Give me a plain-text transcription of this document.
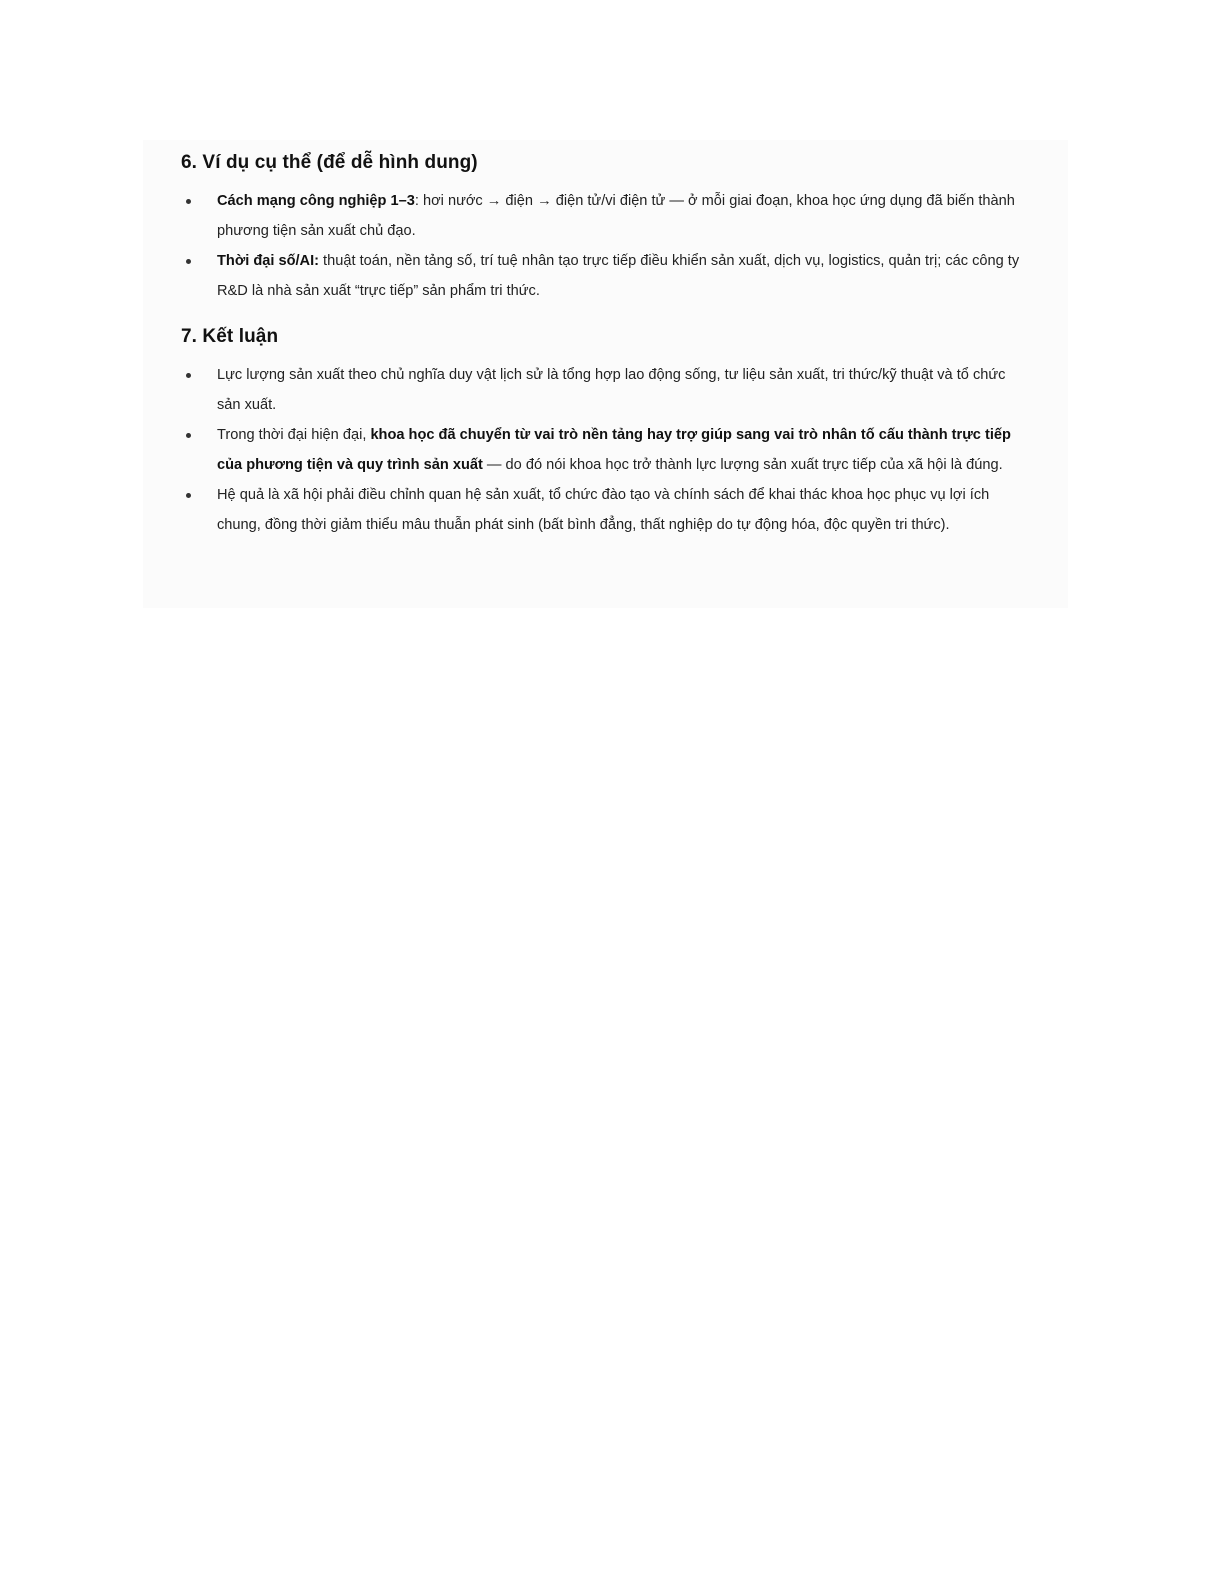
6. Ví dụ cụ thể (để dễ hình dung)
Cách mạng công nghiệp 1–3: hơi nước → điện → điện tử/vi điện tử — ở mỗi giai đoạn, khoa học ứng dụng đã biến thành phương tiện sản xuất chủ đạo.
Thời đại số/AI: thuật toán, nền tảng số, trí tuệ nhân tạo trực tiếp điều khiển sản xuất, dịch vụ, logistics, quản trị; các công ty R&D là nhà sản xuất “trực tiếp” sản phẩm tri thức.
7. Kết luận
Lực lượng sản xuất theo chủ nghĩa duy vật lịch sử là tổng hợp lao động sống, tư liệu sản xuất, tri thức/kỹ thuật và tổ chức sản xuất.
Trong thời đại hiện đại, khoa học đã chuyển từ vai trò nền tảng hay trợ giúp sang vai trò nhân tố cấu thành trực tiếp của phương tiện và quy trình sản xuất — do đó nói khoa học trở thành lực lượng sản xuất trực tiếp của xã hội là đúng.
Hệ quả là xã hội phải điều chỉnh quan hệ sản xuất, tổ chức đào tạo và chính sách để khai thác khoa học phục vụ lợi ích chung, đồng thời giảm thiểu mâu thuẫn phát sinh (bất bình đẳng, thất nghiệp do tự động hóa, độc quyền tri thức).
